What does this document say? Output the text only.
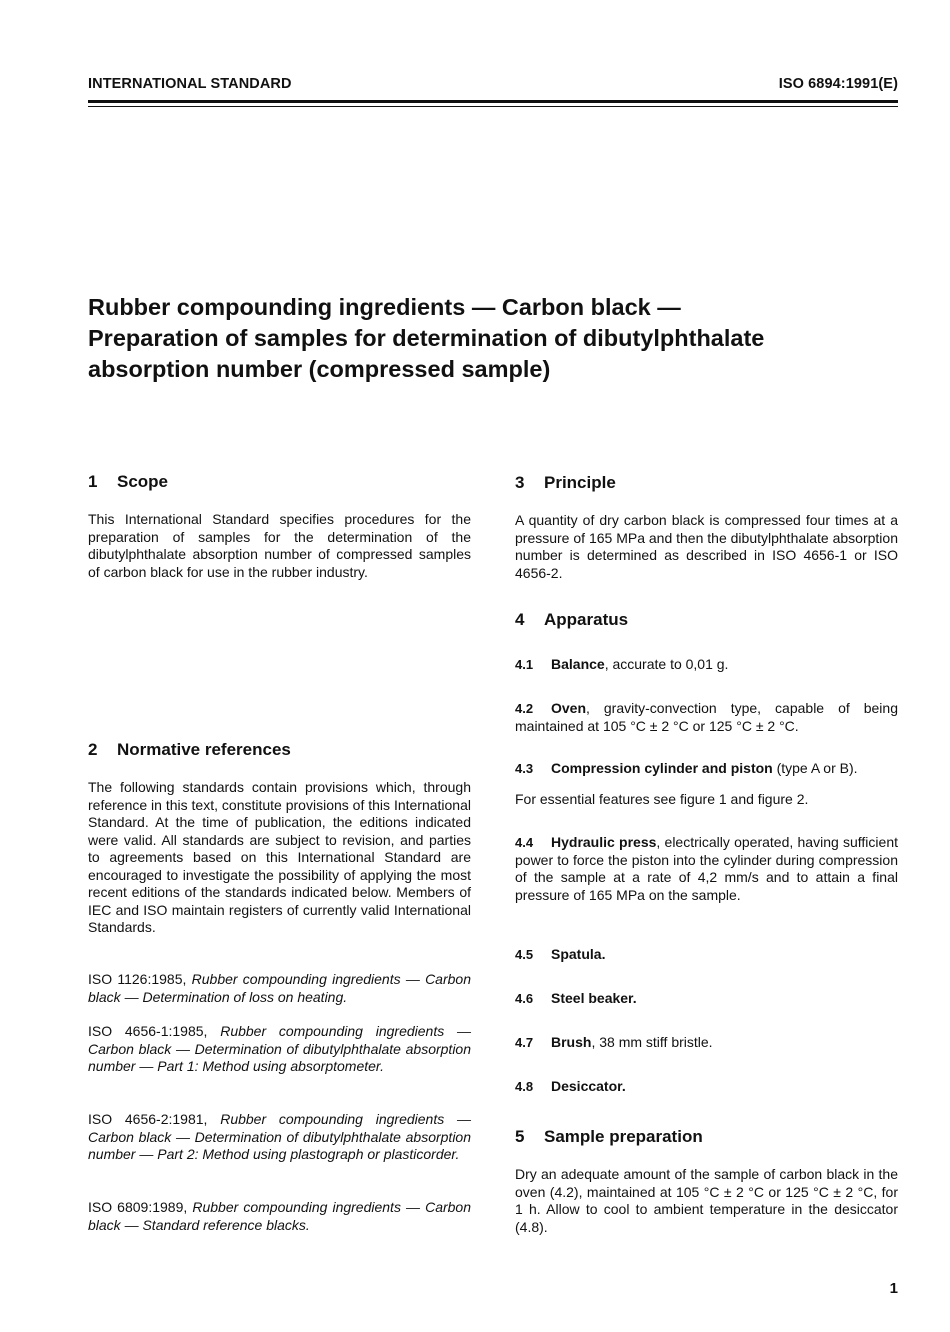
INTERNATIONAL STANDARD	ISO 6894:1991(E)
Rubber compounding ingredients — Carbon black —
Preparation of samples for determination of dibutylphthalate
absorption number (compressed sample)
1 Scope

This International Standard specifies procedures for the preparation of samples for the determination of the dibutylphthalate absorption number of compressed samples of carbon black for use in the rubber industry.

2 Normative references

The following standards contain provisions which, through reference in this text, constitute provisions of this International Standard. At the time of publication, the editions indicated were valid. All standards are subject to revision, and parties to agreements based on this International Standard are encouraged to investigate the possibility of applying the most recent editions of the standards indicated below. Members of IEC and ISO maintain registers of currently valid International Standards.

ISO 1126:1985, Rubber compounding ingredients — Carbon black — Determination of loss on heating.

ISO 4656-1:1985, Rubber compounding ingredients — Carbon black — Determination of dibutylphthalate absorption number — Part 1: Method using absorptometer.

ISO 4656-2:1981, Rubber compounding ingredients — Carbon black — Determination of dibutylphthalate absorption number — Part 2: Method using plastograph or plasticorder.

ISO 6809:1989, Rubber compounding ingredients — Carbon black — Standard reference blacks.

3 Principle

A quantity of dry carbon black is compressed four times at a pressure of 165 MPa and then the dibutylphthalate absorption number is determined as described in ISO 4656-1 or ISO 4656-2.

4 Apparatus

4.1 Balance, accurate to 0,01 g.

4.2 Oven, gravity-convection type, capable of being maintained at 105 °C ± 2 °C or 125 °C ± 2 °C.

4.3 Compression cylinder and piston (type A or B).

For essential features see figure 1 and figure 2.

4.4 Hydraulic press, electrically operated, having sufficient power to force the piston into the cylinder during compression of the sample at a rate of 4,2 mm/s and to attain a final pressure of 165 MPa on the sample.

4.5 Spatula.

4.6 Steel beaker.

4.7 Brush, 38 mm stiff bristle.

4.8 Desiccator.

5 Sample preparation

Dry an adequate amount of the sample of carbon black in the oven (4.2), maintained at 105 °C ± 2 °C or 125 °C ± 2 °C, for 1 h. Allow to cool to ambient temperature in the desiccator (4.8).

1
